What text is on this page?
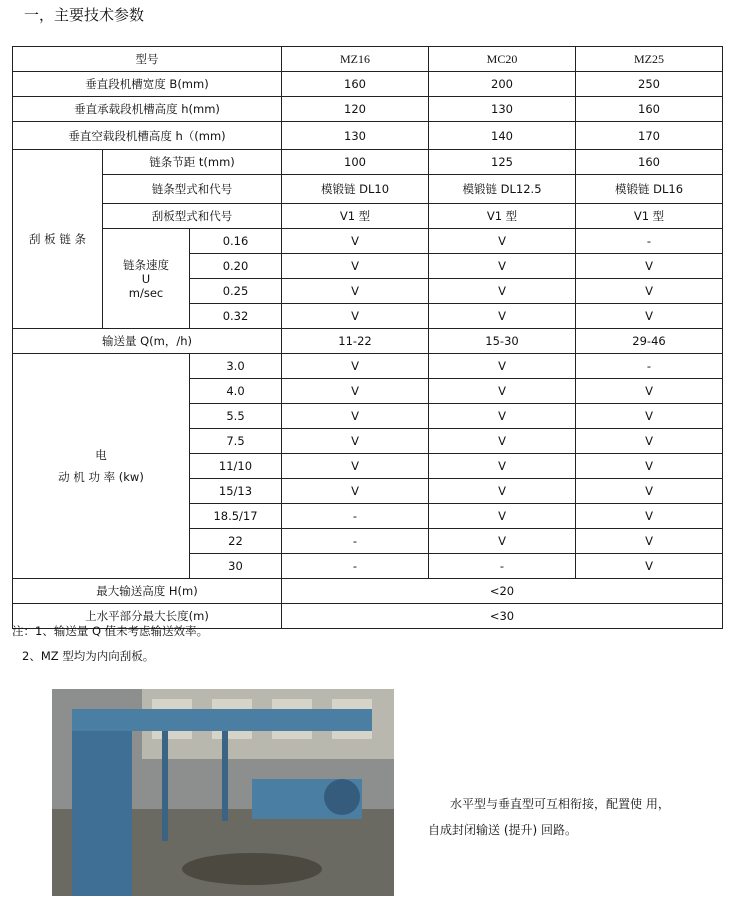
一，主要技术参数
型号			MZ16	MC20	MZ25
垂直段机槽宽度 B(mm)			160	200	250
垂直承载段机槽高度 h(mm)			120	130	160
垂直空载段机槽高度 h（(mm)			130	140	170
刮 板 链 条	链条节距 t(mm)		100	125	160
	链条型式和代号		模锻链 DL10	模锻链 DL12.5	模锻链 DL16
	刮板型式和代号		V1 型	V1 型	V1 型

	链条速度
U
m/sec	0.16	V	V	-
		0.20	V	V	V
		0.25	V	V	V
		0.32	V	V	V
输送量 Q(m，/h)			11-22	15-30	29-46

电
动 机 功 率 (kw)		3.0	V	V	-
		4.0	V	V	V
		5.5	V	V	V
		7.5	V	V	V
		11/10	V	V	V
		15/13	V	V	V
		18.5/17	-	V	V
		22	-	V	V
		30	-	-	V
最大输送高度 H(m)			<20		
上水平部分最大长度(m)			<30		
注：1、输送量 Q 值未考虑输送效率。
2、MZ 型均为内向刮板。
水平型与垂直型可互相衔接，配置使 用，
自成封闭输送 (提升) 回路。
